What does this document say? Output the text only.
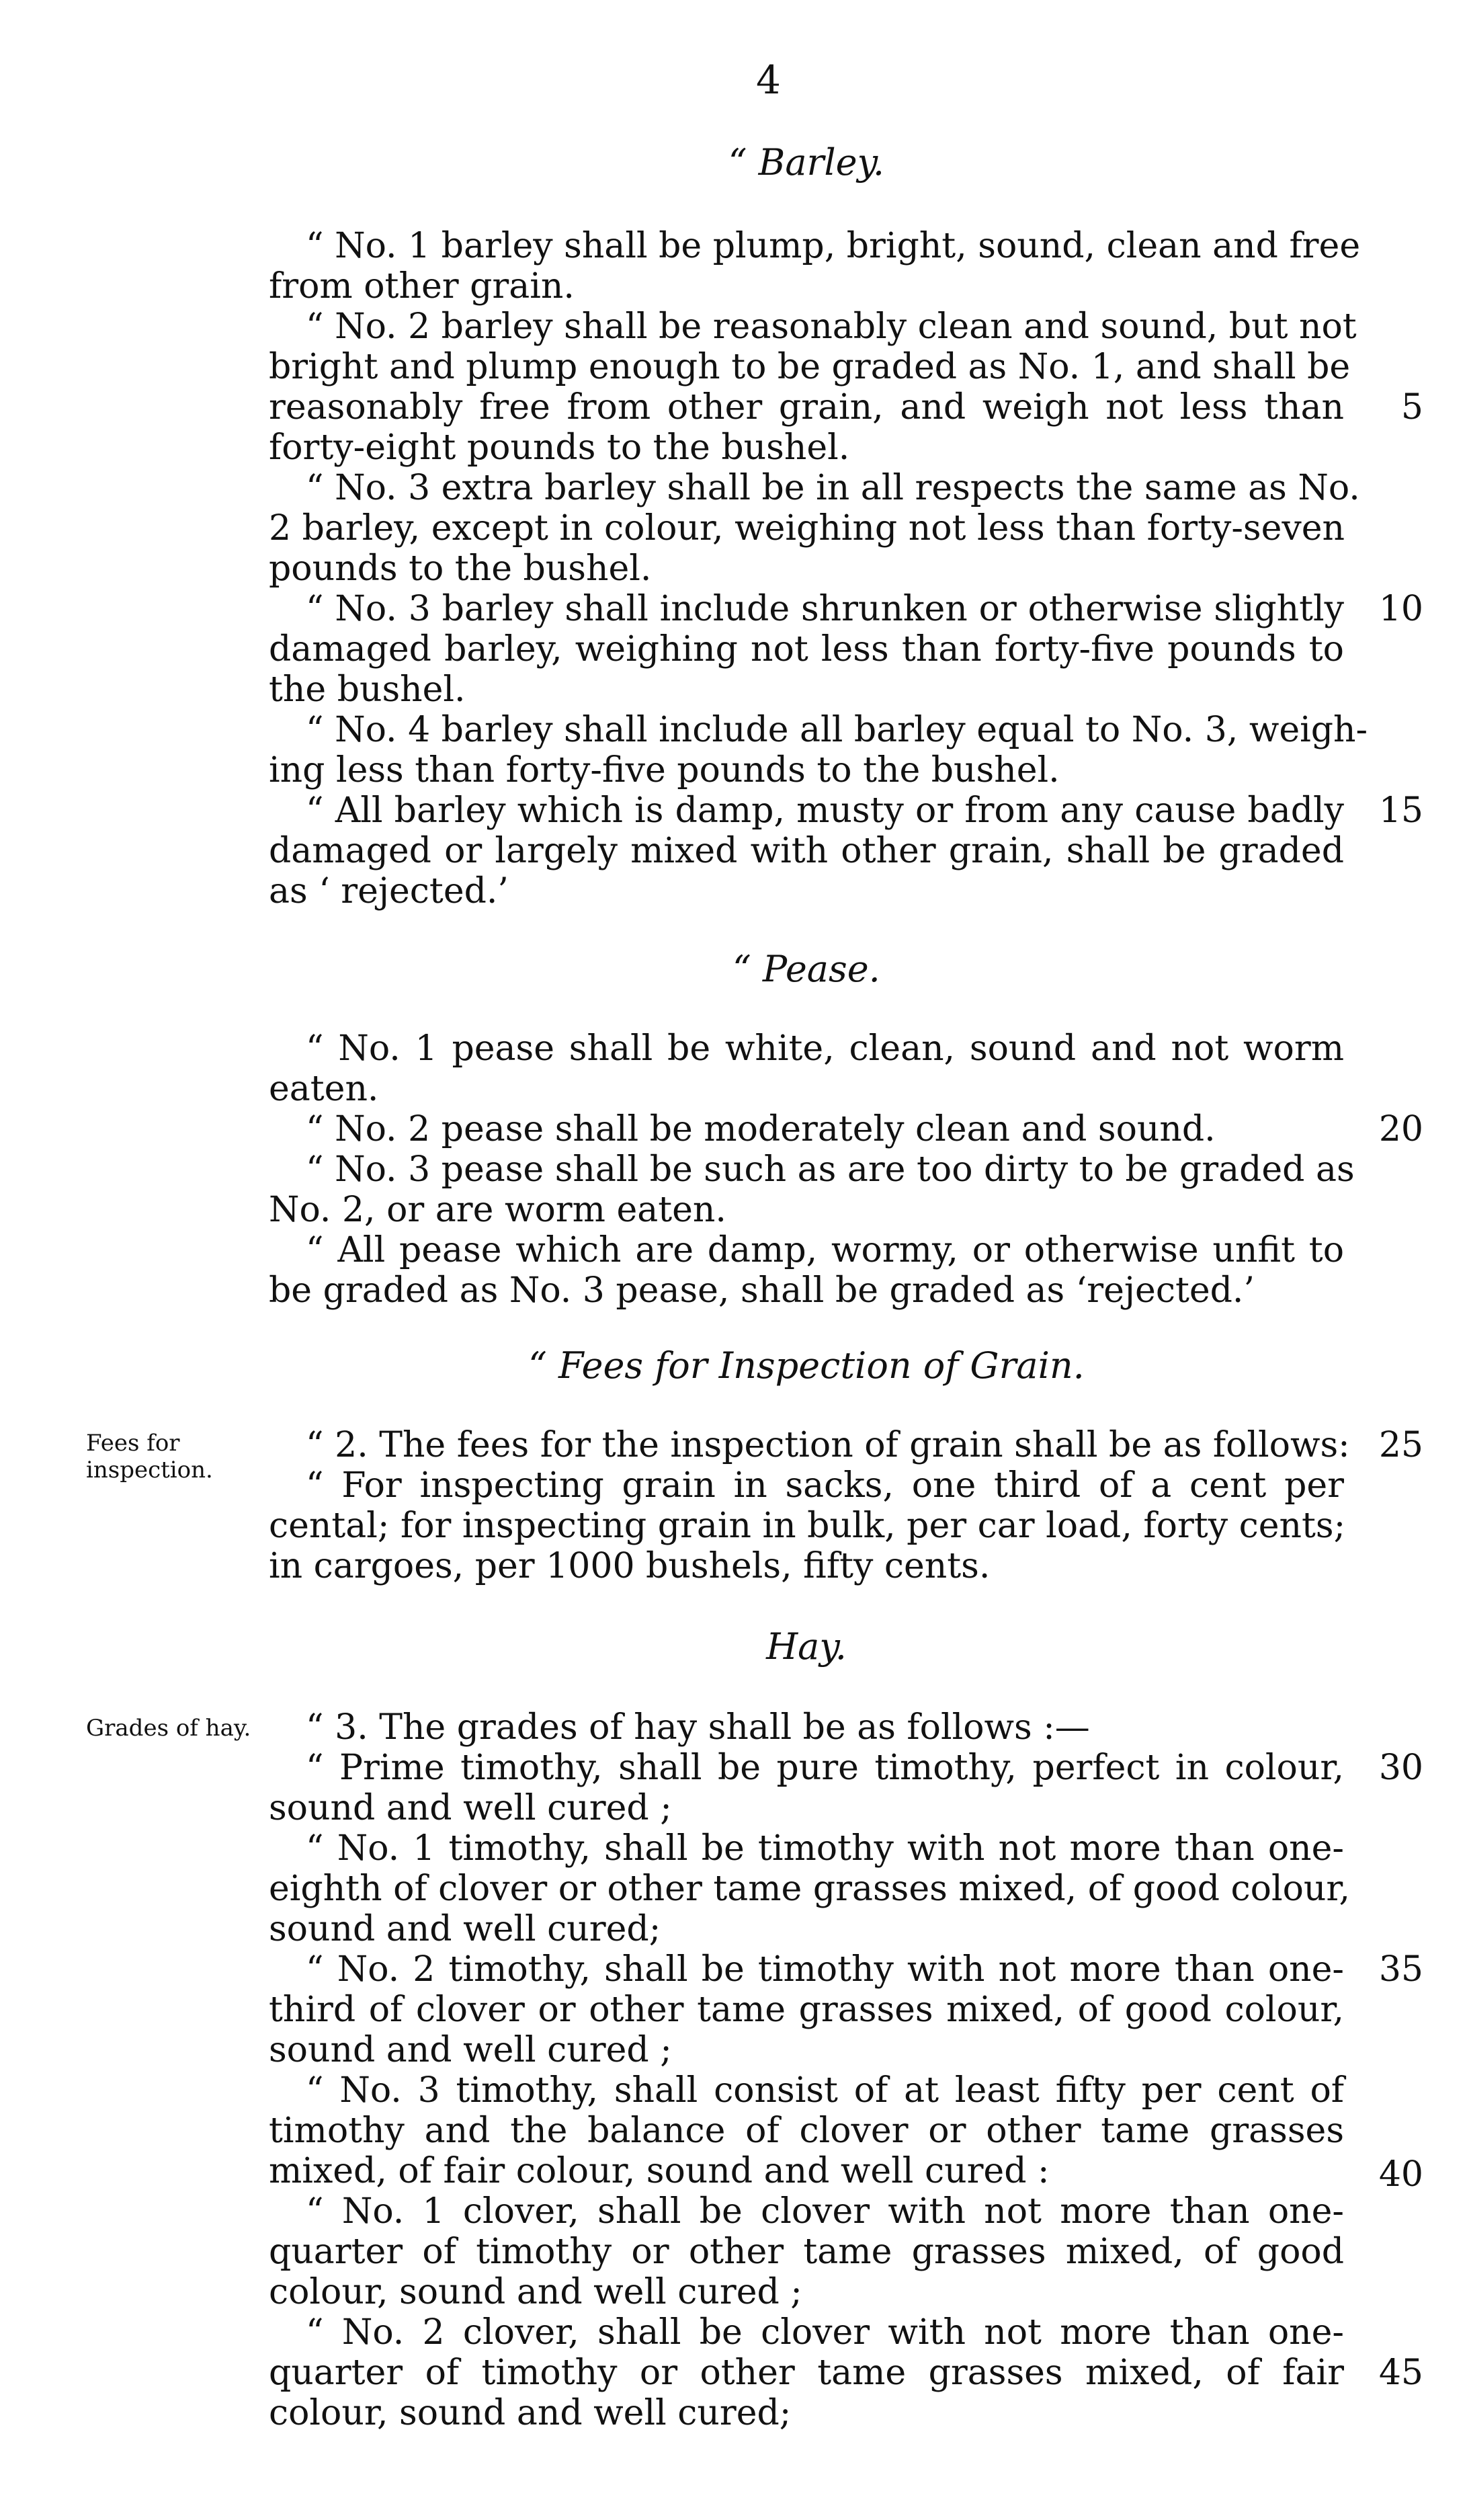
4
“ Barley.
“ No. 1 barley shall be plump, bright, sound, clean and free
from other grain.
“ No. 2 barley shall be reasonably clean and sound, but not
bright and plump enough to be graded as No. 1, and shall be
reasonably free from other grain, and weigh not less than	5
forty-eight pounds to the bushel.
“ No. 3 extra barley shall be in all respects the same as No.
2 barley, except in colour, weighing not less than forty-seven
pounds to the bushel.
“ No. 3 barley shall include shrunken or otherwise slightly 10
damaged barley, weighing not less than forty-five pounds to
the bushel.
“ No. 4 barley shall include all barley equal to No. 3, weigh-
ing less than forty-five pounds to the bushel.
“ All barley which is damp, musty or from any cause badly 15
damaged or largely mixed with other grain, shall be graded
as ‘ rejected.’
“ Pease.
“ No. 1 pease shall be white, clean, sound and not worm
eaten.
“ No. 2 pease shall be moderately clean and sound.	20
“ No. 3 pease shall be such as are too dirty to be graded as
No. 2, or are worm eaten.
“ All pease which are damp, wormy, or otherwise unfit to
be graded as No. 3 pease, shall be graded as ‘rejected.’
“ Fees for Inspection of Grain.
Fees for
inspection.
“ 2. The fees for the inspection of grain shall be as follows: 25
“ For inspecting grain in sacks, one third of a cent per
cental; for inspecting grain in bulk, per car load, forty cents;
in cargoes, per 1000 bushels, fifty cents.
Hay.
Grades of hay.	“ 3. The grades of hay shall be as follows :—
“ Prime timothy, shall be pure timothy, perfect in colour, 30
sound and well cured ;
“ No. 1 timothy, shall be timothy with not more than one-
eighth of clover or other tame grasses mixed, of good colour,
sound and well cured;
“ No. 2 timothy, shall be timothy with not more than one- 35
third of clover or other tame grasses mixed, of good colour,
sound and well cured ;
“ No. 3 timothy, shall consist of at least fifty per cent of
timothy and the balance of clover or other tame grasses
mixed, of fair colour, sound and well cured :	40
“ No. 1 clover, shall be clover with not more than one-
quarter of timothy or other tame grasses mixed, of good
colour, sound and well cured ;
“ No. 2 clover, shall be clover with not more than one-
quarter of timothy or other tame grasses mixed, of fair 45
colour, sound and well cured;
